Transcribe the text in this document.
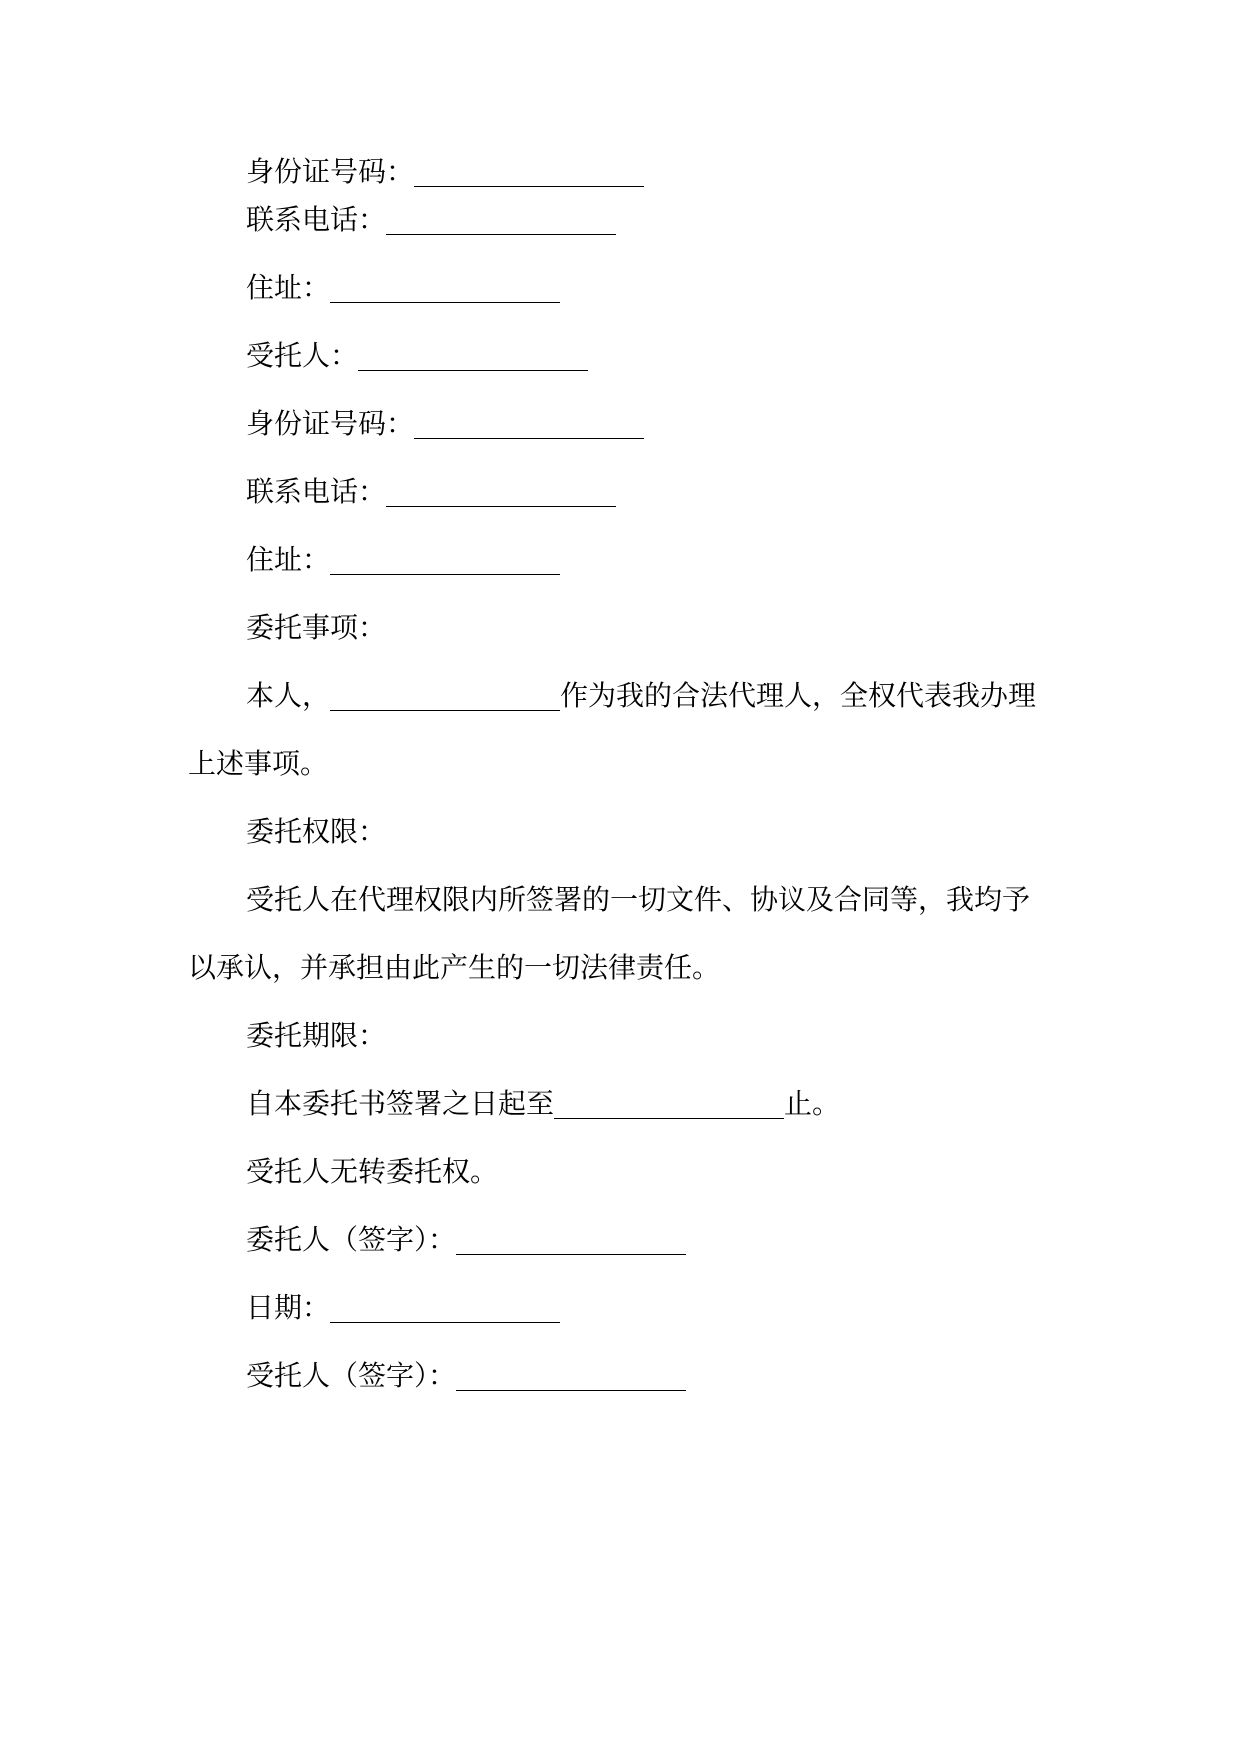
身份证号码：
联系电话：
住址：
受托人：
身份证号码：
联系电话：
住址：
委托事项：
本人，	作为我的合法代理人，全权代表我办理
上述事项。
委托权限：
受托人在代理权限内所签署的一切文件、协议及合同等，我均予
以承认，并承担由此产生的一切法律责任。
委托期限：
自本委托书签署之日起至	止。
受托人无转委托权。
委托人（签字）：
日期：
受托人（签字）：
